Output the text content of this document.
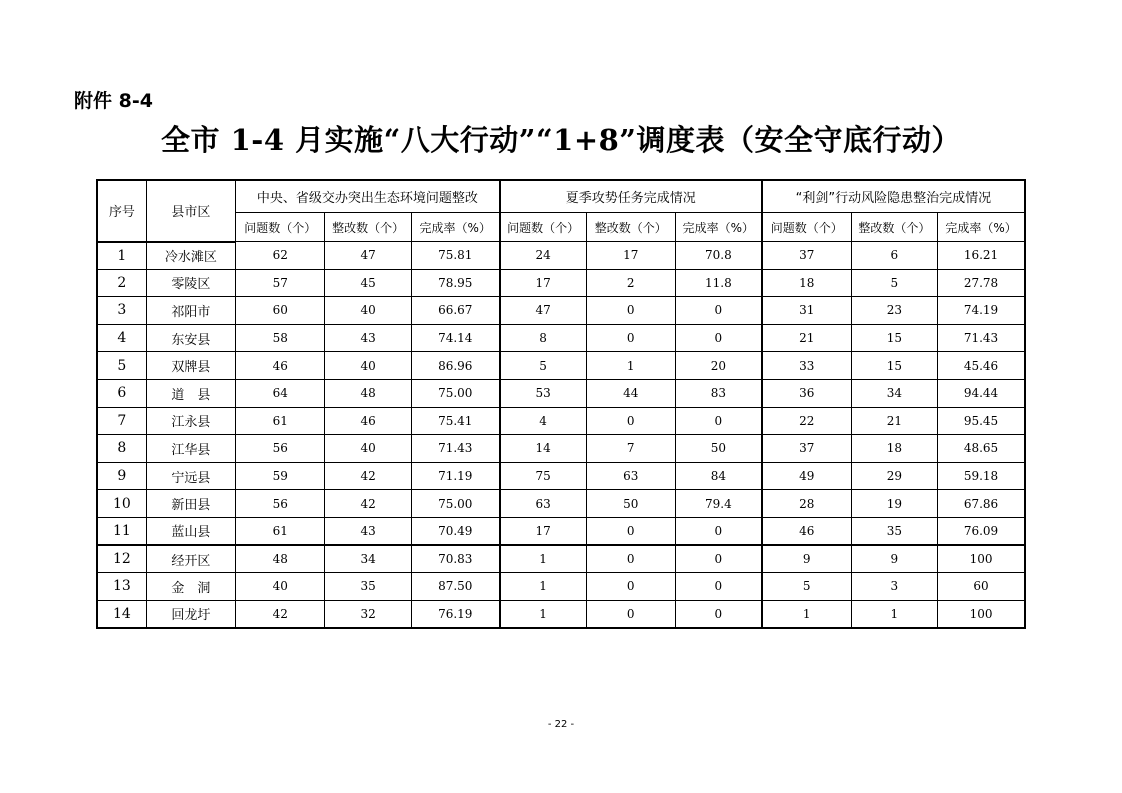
附件 8-4
全市 1-4 月实施“八大行动”“1+8”调度表（安全守底行动）
序号	县市区	中央、省级交办突出生态环境问题整改			夏季攻势任务完成情况			“利剑”行动风险隐患整治完成情况		
		问题数（个）	整改数（个）	完成率（%）	问题数（个）	整改数（个）	完成率（%）	问题数（个）	整改数（个）	完成率（%）
1	冷水滩区	62	47	75.81	24	17	70.8	37	6	16.21
2	零陵区	57	45	78.95	17	2	11.8	18	5	27.78
3	祁阳市	60	40	66.67	47	0	0	31	23	74.19
4	东安县	58	43	74.14	8	0	0	21	15	71.43
5	双牌县	46	40	86.96	5	1	20	33	15	45.46
6	道　县	64	48	75.00	53	44	83	36	34	94.44
7	江永县	61	46	75.41	4	0	0	22	21	95.45
8	江华县	56	40	71.43	14	7	50	37	18	48.65
9	宁远县	59	42	71.19	75	63	84	49	29	59.18
10	新田县	56	42	75.00	63	50	79.4	28	19	67.86
11	蓝山县	61	43	70.49	17	0	0	46	35	76.09
12	经开区	48	34	70.83	1	0	0	9	9	100
13	金　洞	40	35	87.50	1	0	0	5	3	60
14	回龙圩	42	32	76.19	1	0	0	1	1	100
- 22 -
